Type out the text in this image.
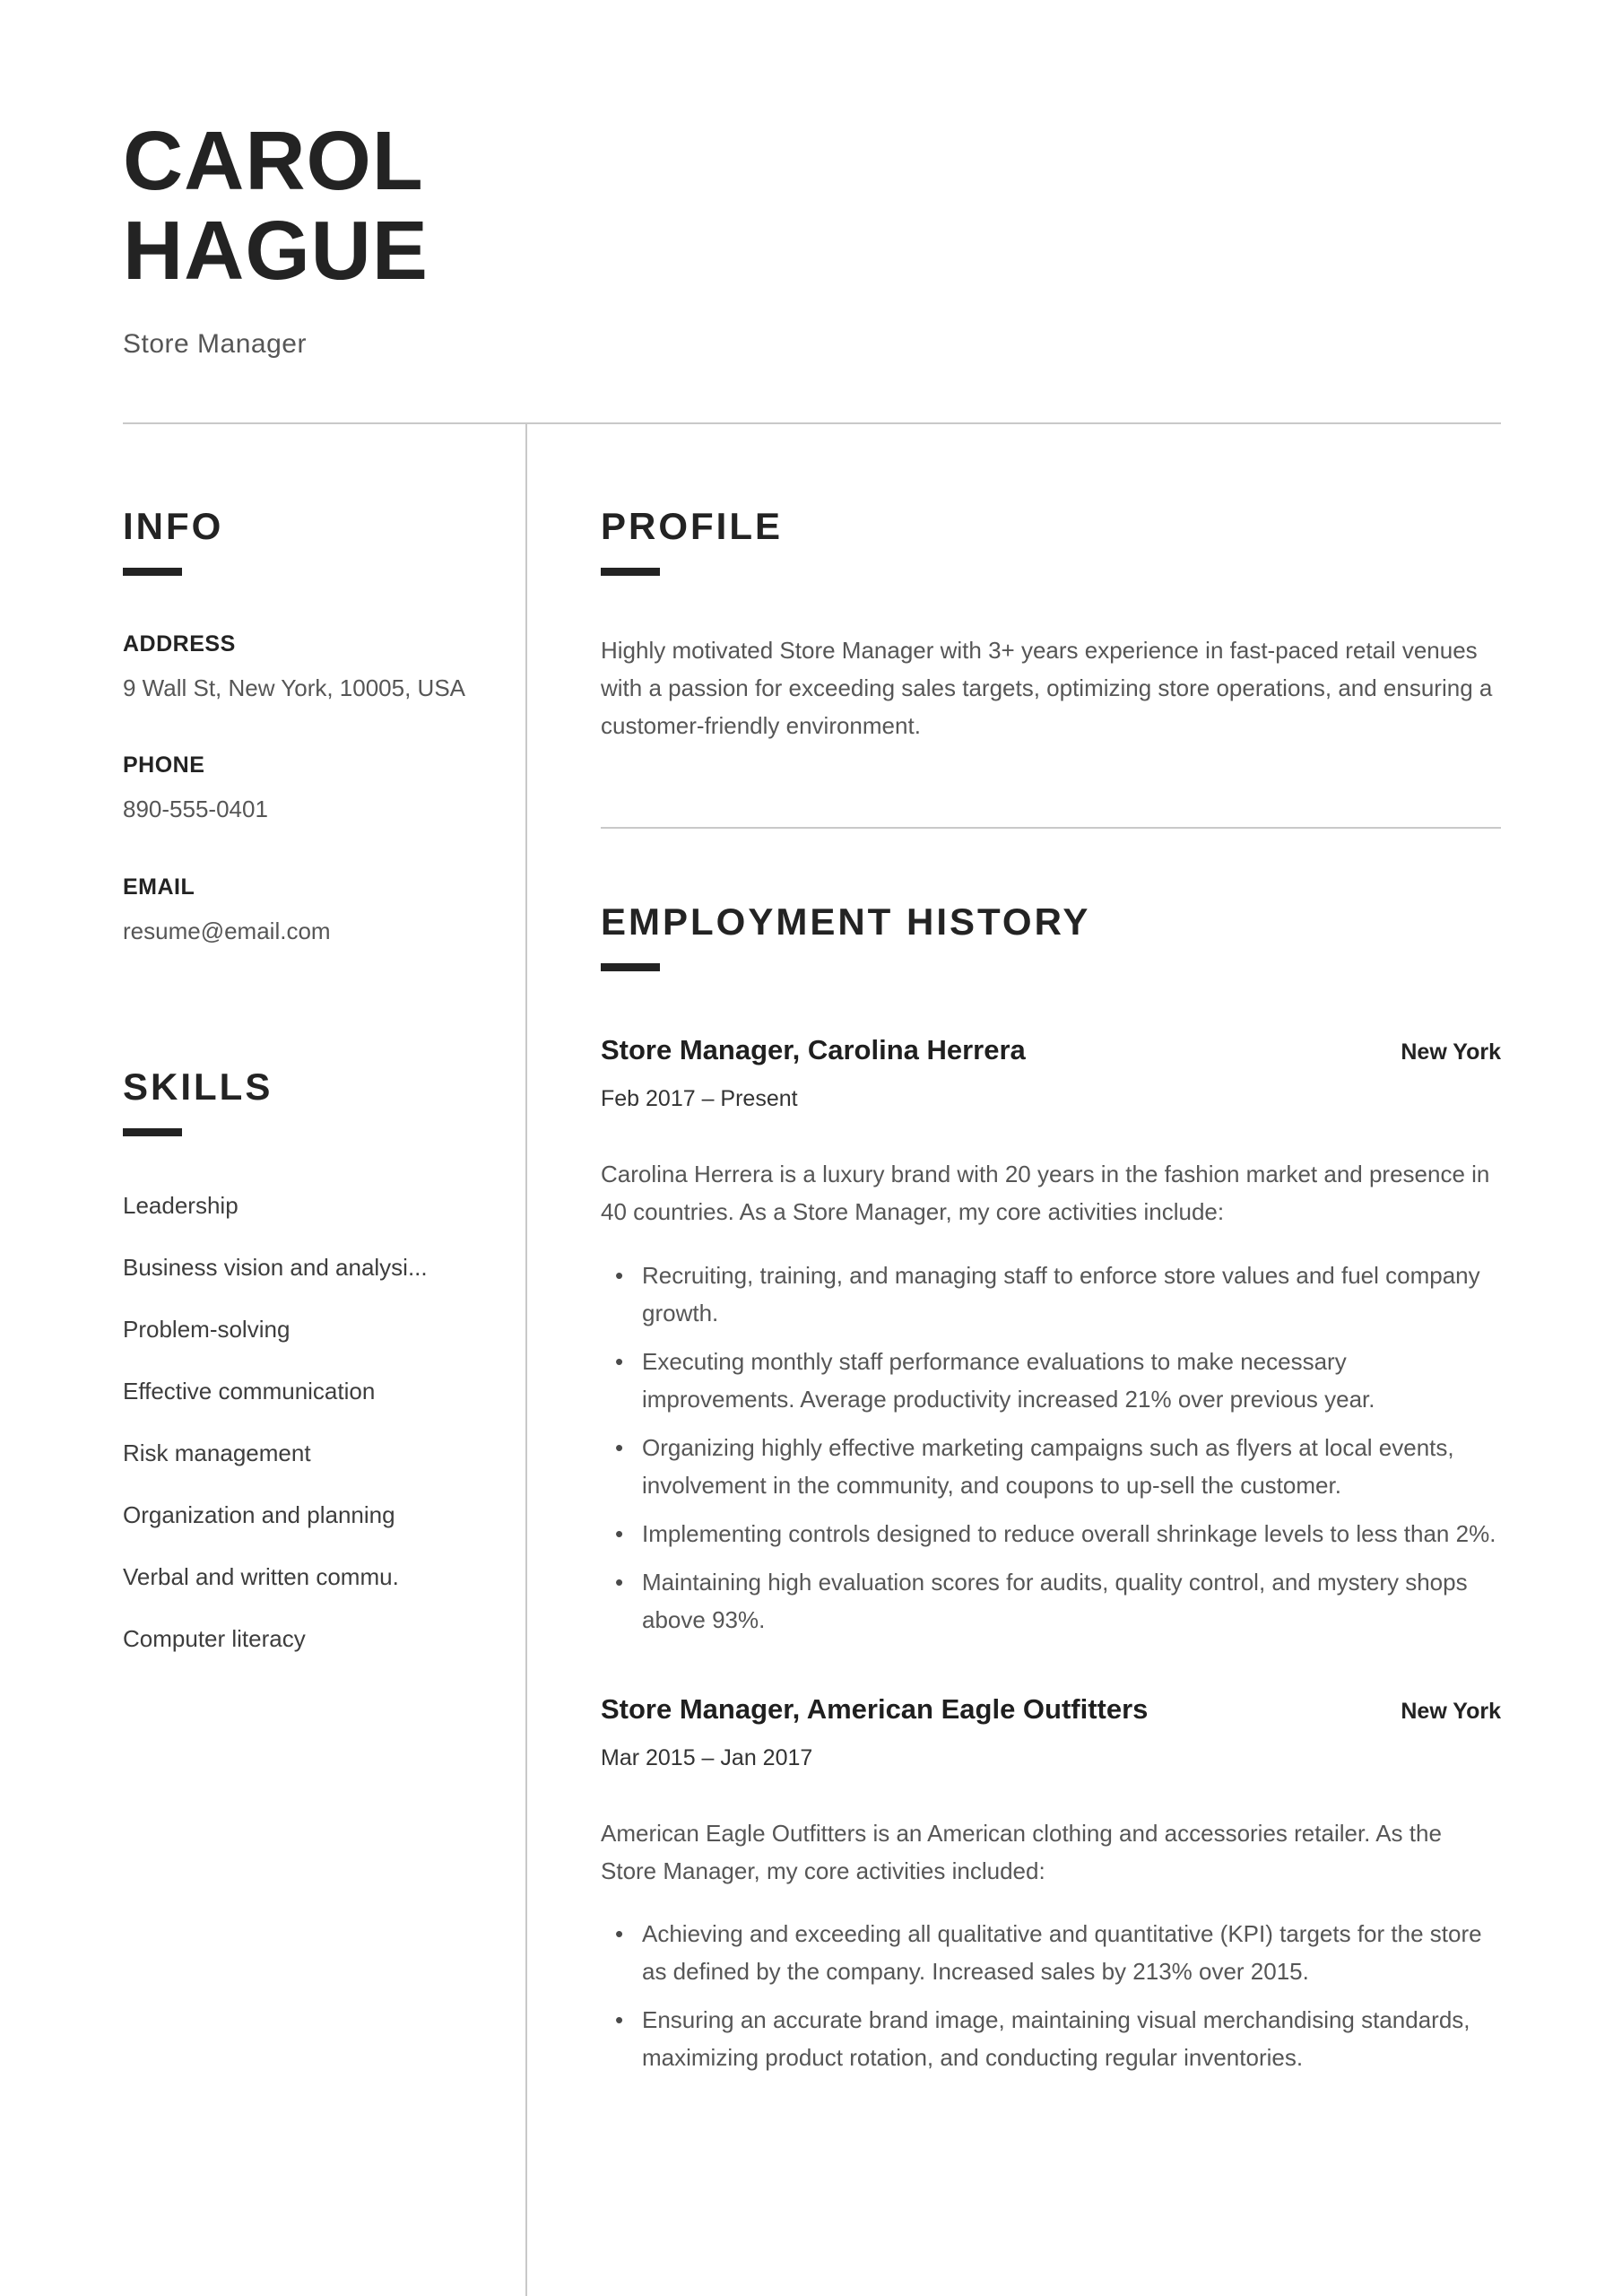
CAROL
HAGUE
Store Manager
INFO
ADDRESS
9 Wall St, New York, 10005, USA
PHONE
890-555-0401
EMAIL
resume@email.com
SKILLS
Leadership
Business vision and analysi...
Problem-solving
Effective communication
Risk management
Organization and planning
Verbal and written commu.
Computer literacy
PROFILE

Highly motivated Store Manager with 3+ years experience in fast-paced retail venues with a passion for exceeding sales targets, optimizing store operations, and ensuring a customer-friendly environment.

EMPLOYMENT HISTORY
Store Manager, Carolina Herrera	New York
Feb 2017 – Present

Carolina Herrera is a luxury brand with 20 years in the fashion market and presence in 40 countries. As a Store Manager, my core activities include:

• Recruiting, training, and managing staff to enforce store values and fuel company growth.
• Executing monthly staff performance evaluations to make necessary improvements. Average productivity increased 21% over previous year.
• Organizing highly effective marketing campaigns such as flyers at local events, involvement in the community, and coupons to up-sell the customer.
• Implementing controls designed to reduce overall shrinkage levels to less than 2%.
• Maintaining high evaluation scores for audits, quality control, and mystery shops above 93%.
Store Manager, American Eagle Outfitters	New York
Mar 2015 – Jan 2017

American Eagle Outfitters is an American clothing and accessories retailer. As the Store Manager, my core activities included:

• Achieving and exceeding all qualitative and quantitative (KPI) targets for the store as defined by the company. Increased sales by 213% over 2015.
• Ensuring an accurate brand image, maintaining visual merchandising standards, maximizing product rotation, and conducting regular inventories.
